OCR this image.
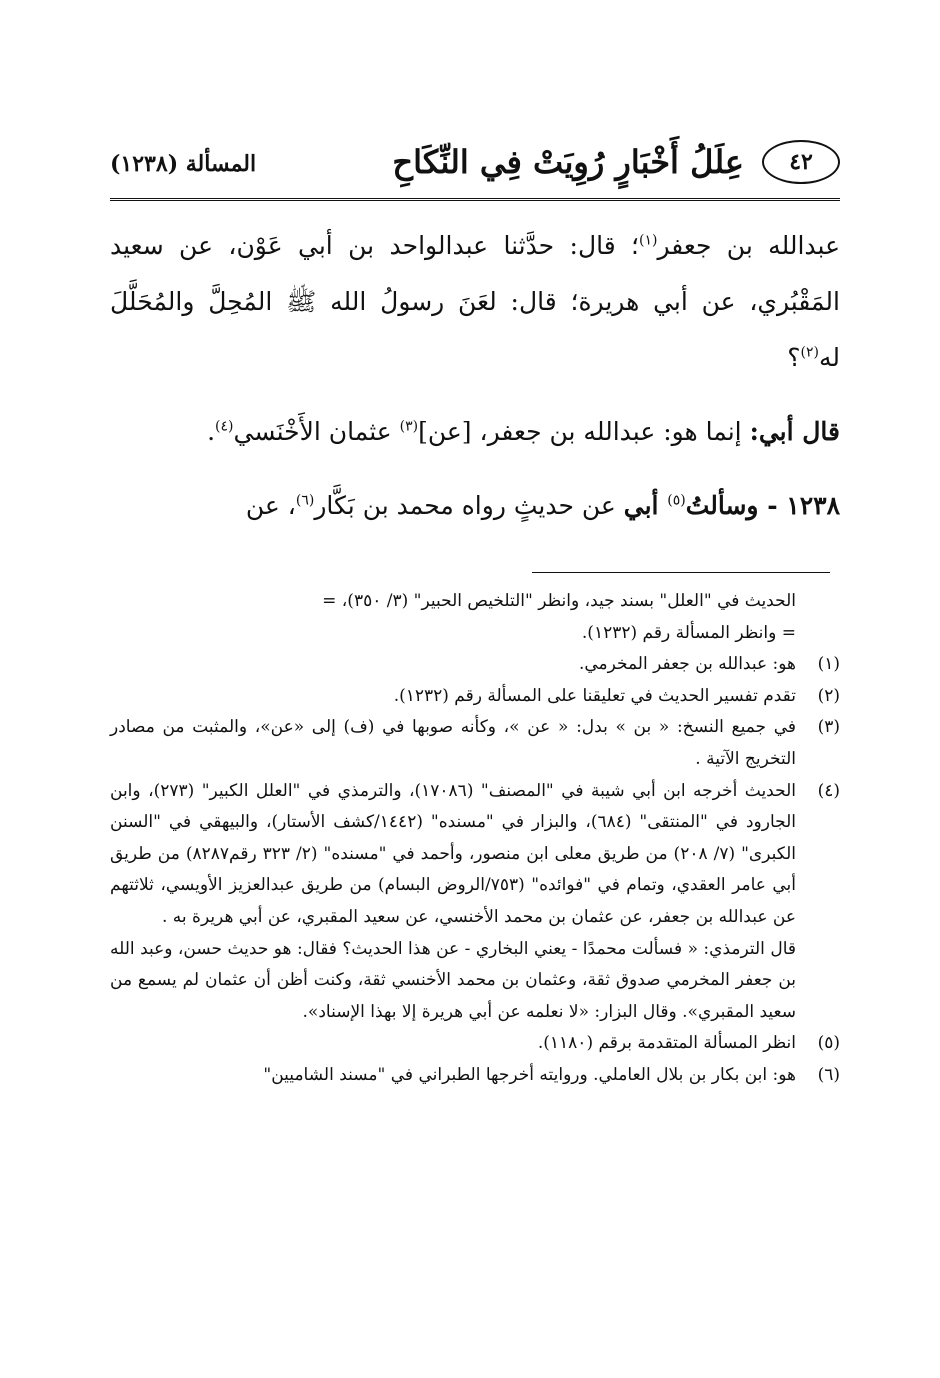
٤٢
عِلَلُ أَخْبَارٍ رُوِيَتْ فِي النِّكَاحِ
المسألة (١٢٣٨)

عبدالله بن جعفر$^{(١)}$؛ قال: حدَّثنا عبدالواحد بن أبي عَوْن، عن سعيد المَقْبُري، عن أبي هريرة؛ قال: لعَنَ رسولُ الله ﷺ المُحِلَّ والمُحَلَّلَ له$^{(٢)}$؟

قال أبي: إنما هو: عبدالله بن جعفر، [عن]$^{(٣)}$ عثمان الأَخْنَسي$^{(٤)}$.

١٢٣٨ - وسألتُ$^{(٥)}$ أبي عن حديثٍ رواه محمد بن بَكَّار$^{(٦)}$، عن

الحديث في "العلل" بسند جيد، وانظر "التلخيص الحبير" (٣/ ٣٥٠)، =
= وانظر المسألة رقم (١٢٣٢).
(١)
هو: عبدالله بن جعفر المخرمي.
(٢)
تقدم تفسير الحديث في تعليقنا على المسألة رقم (١٢٣٢).
(٣)
في جميع النسخ: « بن » بدل: « عن »، وكأنه صوبها في (ف) إلى «عن»، والمثبت من مصادر التخريج الآتية .
(٤)
الحديث أخرجه ابن أبي شيبة في "المصنف" (١٧٠٨٦)، والترمذي في "العلل الكبير" (٢٧٣)، وابن الجارود في "المنتقى" (٦٨٤)، والبزار في "مسنده" (١٤٤٢/كشف الأستار)، والبيهقي في "السنن الكبرى" (٧/ ٢٠٨) من طريق معلى ابن منصور، وأحمد في "مسنده" (٢/ ٣٢٣ رقم٨٢٨٧) من طريق أبي عامر العقدي، وتمام في "فوائده" (٧٥٣/الروض البسام) من طريق عبدالعزيز الأويسي، ثلاثتهم عن عبدالله بن جعفر، عن عثمان بن محمد الأخنسي، عن سعيد المقبري، عن أبي هريرة به .
قال الترمذي: « فسألت محمدًا - يعني البخاري - عن هذا الحديث؟ فقال: هو حديث حسن، وعبد الله بن جعفر المخرمي صدوق ثقة، وعثمان بن محمد الأخنسي ثقة، وكنت أظن أن عثمان لم يسمع من سعيد المقبري». وقال البزار: «لا نعلمه عن أبي هريرة إلا بهذا الإسناد».
(٥)
انظر المسألة المتقدمة برقم (١١٨٠).
(٦)
هو: ابن بكار بن بلال العاملي. وروايته أخرجها الطبراني في "مسند الشاميين"
